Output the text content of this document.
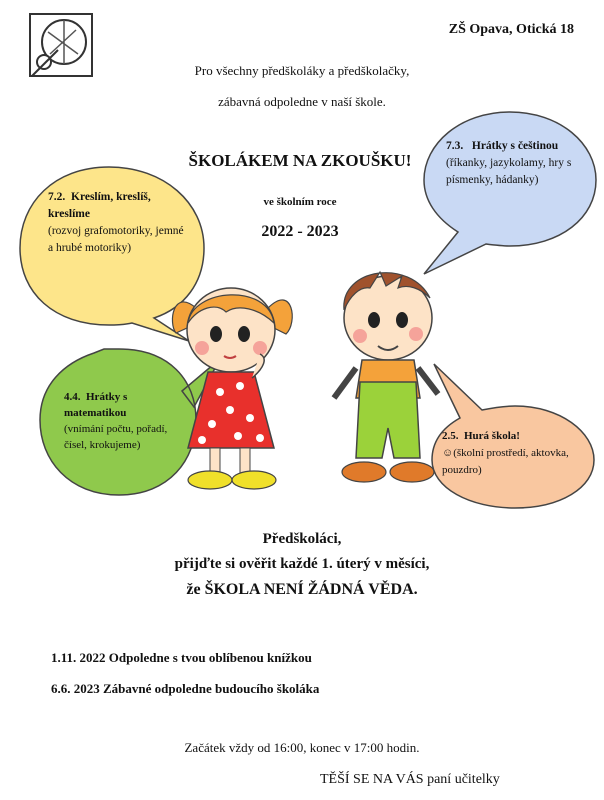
ZŠ Opava, Otická 18
Pro všechny předškoláky a předškolačky,
zábavná odpoledne v naší škole.
ŠKOLÁKEM NA ZKOUŠKU!
ve školním roce
2022 - 2023
7.2. Kreslím, kreslíš, kreslíme
(rozvoj grafomotoriky, jemné a hrubé motoriky)
7.3. Hrátky s češtinou (říkanky, jazykolamy, hry s písmenky, hádanky)
4.4. Hrátky s matematikou
(vnímání počtu, pořadí, čísel, krokujeme)
2.5. Hurá škola!
☺(školní prostředí, aktovka, pouzdro)
Předškoláci,
přijďte si ověřit každé 1. úterý v měsíci,
že ŠKOLA NENÍ ŽÁDNÁ VĚDA.
1.11. 2022 Odpoledne s tvou oblíbenou knížkou
6.6. 2023 Zábavné odpoledne budoucího školáka
Začátek vždy od 16:00, konec v 17:00 hodin.
TĚŠÍ SE NA VÁS paní učitelky
